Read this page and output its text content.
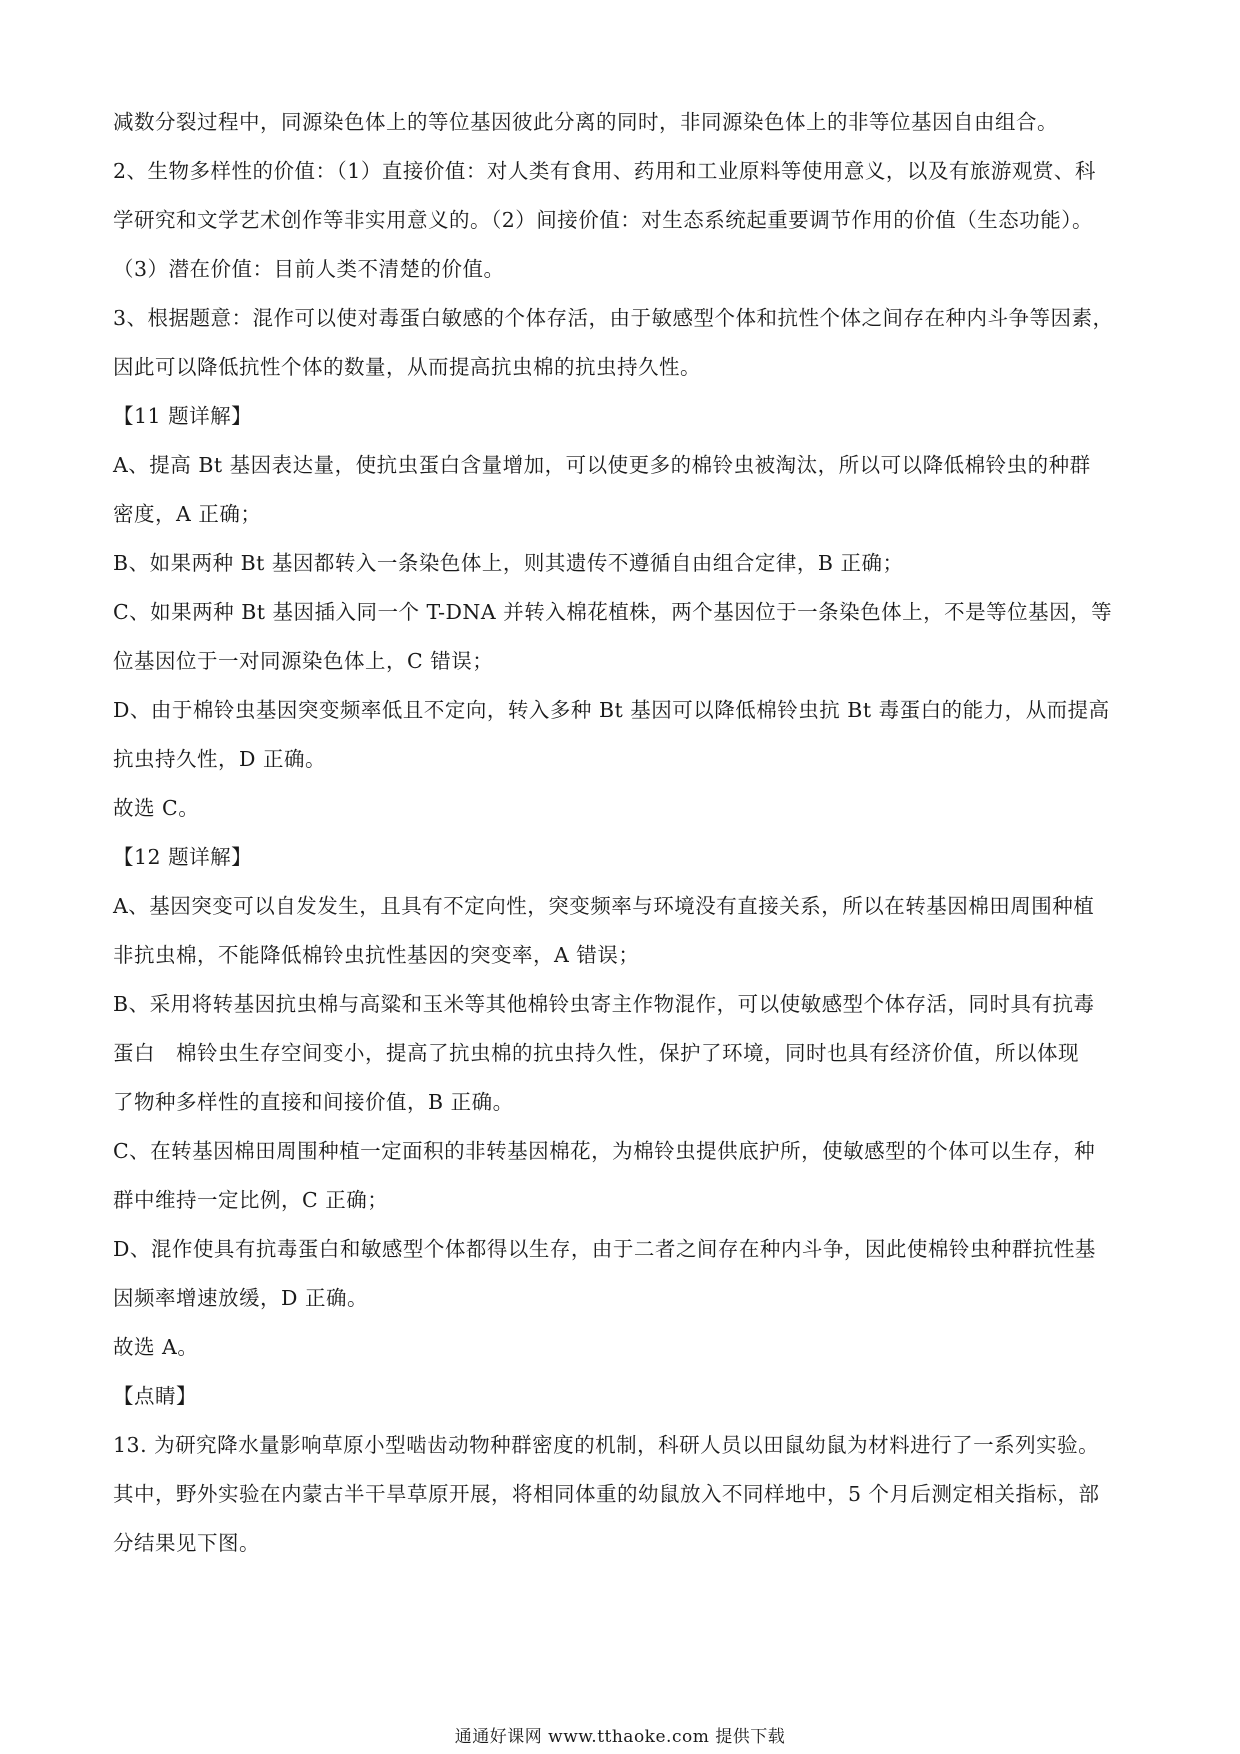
减数分裂过程中，同源染色体上的等位基因彼此分离的同时，非同源染色体上的非等位基因自由组合。

2、生物多样性的价值：（1）直接价值：对人类有食用、药用和工业原料等使用意义，以及有旅游观赏、科

学研究和文学艺术创作等非实用意义的。（2）间接价值：对生态系统起重要调节作用的价值（生态功能）。

（3）潜在价值：目前人类不清楚的价值。

3、根据题意：混作可以使对毒蛋白敏感的个体存活，由于敏感型个体和抗性个体之间存在种内斗争等因素，

因此可以降低抗性个体的数量，从而提高抗虫棉的抗虫持久性。

【11 题详解】

A、提高 Bt 基因表达量，使抗虫蛋白含量增加，可以使更多的棉铃虫被淘汰，所以可以降低棉铃虫的种群

密度，A 正确；

B、如果两种 Bt 基因都转入一条染色体上，则其遗传不遵循自由组合定律，B 正确；

C、如果两种 Bt 基因插入同一个 T-DNA 并转入棉花植株，两个基因位于一条染色体上，不是等位基因，等

位基因位于一对同源染色体上，C 错误；

D、由于棉铃虫基因突变频率低且不定向，转入多种 Bt 基因可以降低棉铃虫抗 Bt 毒蛋白的能力，从而提高

抗虫持久性，D 正确。

故选 C。

【12 题详解】

A、基因突变可以自发发生，且具有不定向性，突变频率与环境没有直接关系，所以在转基因棉田周围种植

非抗虫棉，不能降低棉铃虫抗性基因的突变率，A 错误；

B、采用将转基因抗虫棉与高粱和玉米等其他棉铃虫寄主作物混作，可以使敏感型个体存活，同时具有抗毒

蛋白   棉铃虫生存空间变小，提高了抗虫棉的抗虫持久性，保护了环境，同时也具有经济价值，所以体现

了物种多样性的直接和间接价值，B 正确。

C、在转基因棉田周围种植一定面积的非转基因棉花，为棉铃虫提供底护所，使敏感型的个体可以生存，种

群中维持一定比例，C 正确；

D、混作使具有抗毒蛋白和敏感型个体都得以生存，由于二者之间存在种内斗争，因此使棉铃虫种群抗性基

因频率增速放缓，D 正确。

故选 A。

【点睛】

13. 为研究降水量影响草原小型啮齿动物种群密度的机制，科研人员以田鼠幼鼠为材料进行了一系列实验。

其中，野外实验在内蒙古半干旱草原开展，将相同体重的幼鼠放入不同样地中，5 个月后测定相关指标，部

分结果见下图。

通通好课网 www.tthaoke.com 提供下载
